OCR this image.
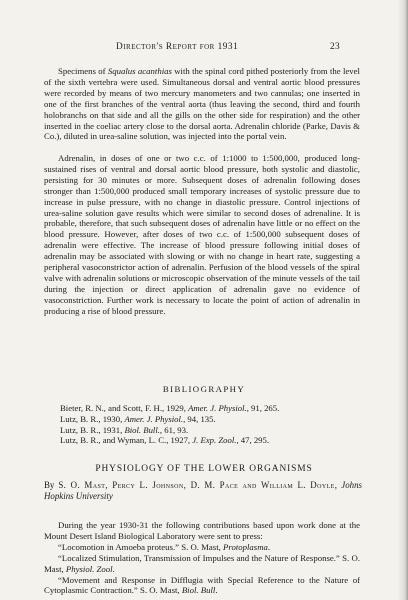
Director's Report for 1931	23

Specimens of Squalus acanthias with the spinal cord pithed posteriorly from the level of the sixth vertebra were used. Simultaneous dorsal and ventral aortic blood pressures were recorded by means of two mercury manometers and two cannulas; one inserted in one of the first branches of the ventral aorta (thus leaving the second, third and fourth holobranchs on that side and all the gills on the other side for respiration) and the other inserted in the coeliac artery close to the dorsal aorta. Adrenalin chloride (Parke, Davis & Co.), diluted in urea-saline solution, was injected into the portal vein.

Adrenalin, in doses of one or two c.c. of 1:1000 to 1:500,000, produced long-sustained rises of ventral and dorsal aortic blood pressure, both systolic and diastolic, persisting for 30 minutes or more. Subsequent doses of adrenalin following doses stronger than 1:500,000 produced small temporary increases of systolic pressure due to increase in pulse pressure, with no change in diastolic pressure. Control injections of urea-saline solution gave results which were similar to second doses of adrenaline. It is probable, therefore, that such subsequent doses of adrenalin have little or no effect on the blood pressure. However, after doses of two c.c. of 1:500,000 subsequent doses of adrenalin were effective. The increase of blood pressure following initial doses of adrenalin may be associated with slowing or with no change in heart rate, suggesting a peripheral vasoconstrictor action of adrenalin. Perfusion of the blood vessels of the spiral valve with adrenalin solutions or microscopic observation of the minute vessels of the tail during the injection or direct application of adrenalin gave no evidence of vasoconstriction. Further work is necessary to locate the point of action of adrenalin in producing a rise of blood pressure.

BIBLIOGRAPHY
Bieter, R. N., and Scott, F. H., 1929, Amer. J. Physiol., 91, 265.
Lutz, B. R., 1930, Amer. J. Physiol., 94, 135.
Lutz, B. R., 1931, Biol. Bull., 61, 93.
Lutz, B. R., and Wyman, L. C., 1927, J. Exp. Zool., 47, 295.
PHYSIOLOGY OF THE LOWER ORGANISMS
By S. O. Mast, Percy L. Johnson, D. M. Pace and William L. Doyle, Johns Hopkins University

During the year 1930-31 the following contributions based upon work done at the Mount Desert Island Biological Laboratory were sent to press:

“Locomotion in Amoeba proteus.” S. O. Mast, Protoplasma.

“Localized Stimulation, Transmission of Impulses and the Nature of Response.” S. O. Mast, Physiol. Zool.

“Movement and Response in Difflugia with Special Reference to the Nature of Cytoplasmic Contraction.” S. O. Mast, Biol. Bull.
